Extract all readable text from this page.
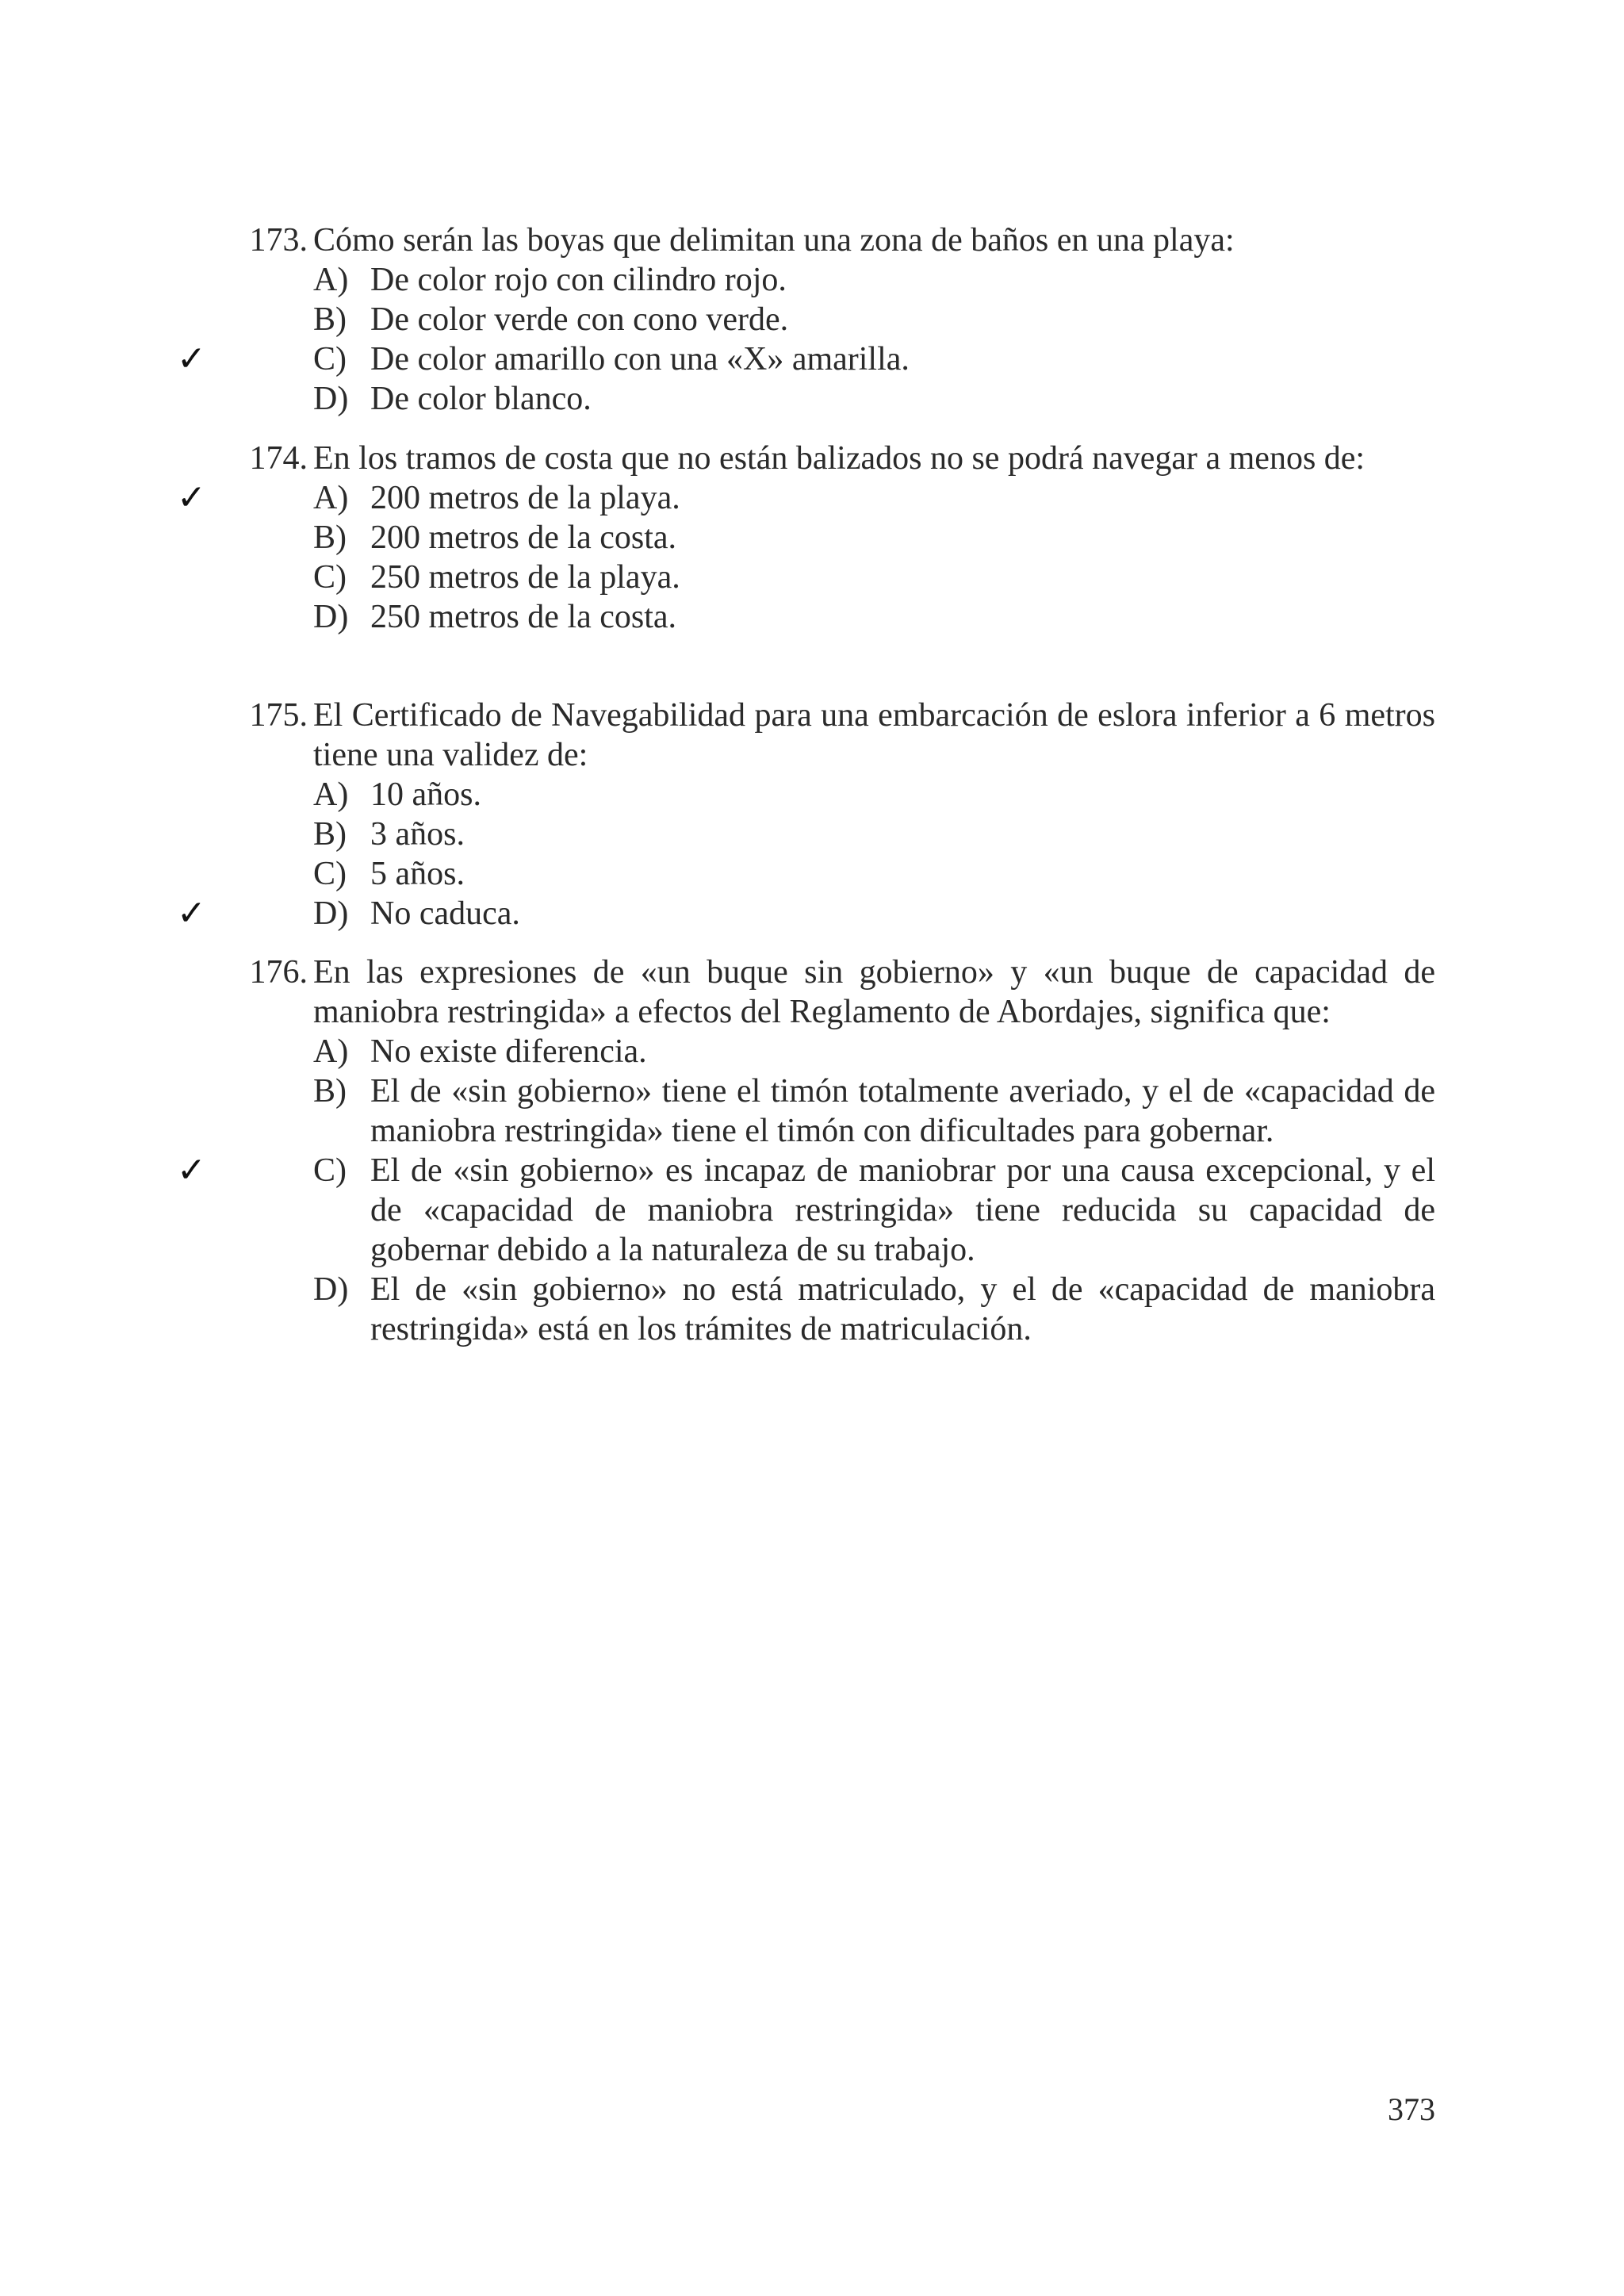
173. Cómo serán las boyas que delimitan una zona de baños en una playa:
A) De color rojo con cilindro rojo.
B) De color verde con cono verde.
✓	C) De color amarillo con una «X» amarilla.
D) De color blanco.
174. En los tramos de costa que no están balizados no se podrá navegar a menos de:
✓	A) 200 metros de la playa.
B) 200 metros de la costa.
C) 250 metros de la playa.
D) 250 metros de la costa.
175. El Certificado de Navegabilidad para una embarcación de eslora inferior a 6 metros tiene una validez de:
A) 10 años.
B) 3 años.
C) 5 años.
✓	D) No caduca.
176. En las expresiones de «un buque sin gobierno» y «un buque de capacidad de maniobra restringida» a efectos del Reglamento de Abordajes, significa que:
A) No existe diferencia.
B) El de «sin gobierno» tiene el timón totalmente averiado, y el de «capacidad de maniobra restringida» tiene el timón con dificultades para gobernar.
✓	C) El de «sin gobierno» es incapaz de maniobrar por una causa excepcional, y el de «capacidad de maniobra restringida» tiene reducida su capacidad de gobernar debido a la naturaleza de su trabajo.
D) El de «sin gobierno» no está matriculado, y el de «capacidad de maniobra restringida» está en los trámites de matriculación.
373
